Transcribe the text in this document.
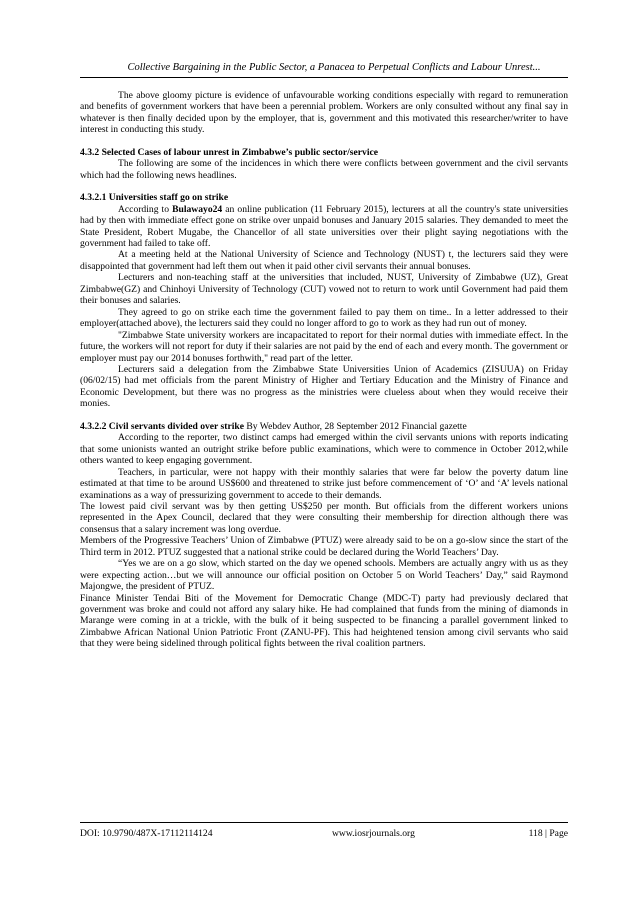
Collective Bargaining in the Public Sector, a Panacea to Perpetual Conflicts and Labour Unrest...

The above gloomy picture is evidence of unfavourable working conditions especially with regard to remuneration and benefits of government workers that have been a perennial problem. Workers are only consulted without any final say in whatever is then finally decided upon by the employer, that is, government and this motivated this researcher/writer to have interest in conducting this study.

4.3.2 Selected Cases of labour unrest in Zimbabwe’s public sector/service

The following are some of the incidences in which there were conflicts between government and the civil servants which had the following news headlines.

4.3.2.1 Universities staff go on strike

According to Bulawayo24 an online publication (11 February 2015), lecturers at all the country's state universities had by then with immediate effect gone on strike over unpaid bonuses and January 2015 salaries. They demanded to meet the State President, Robert Mugabe, the Chancellor of all state universities over their plight saying negotiations with the government had failed to take off.

At a meeting held at the National University of Science and Technology (NUST) t, the lecturers said they were disappointed that government had left them out when it paid other civil servants their annual bonuses.

Lecturers and non-teaching staff at the universities that included, NUST, University of Zimbabwe (UZ), Great Zimbabwe(GZ) and Chinhoyi University of Technology (CUT) vowed not to return to work until Government had paid them their bonuses and salaries.

They agreed to go on strike each time the government failed to pay them on time.. In a letter addressed to their employer(attached above), the lecturers said they could no longer afford to go to work as they had run out of money.

"Zimbabwe State university workers are incapacitated to report for their normal duties with immediate effect. In the future, the workers will not report for duty if their salaries are not paid by the end of each and every month. The government or employer must pay our 2014 bonuses forthwith," read part of the letter.

Lecturers said a delegation from the Zimbabwe State Universities Union of Academics (ZISUUA) on Friday (06/02/15) had met officials from the parent Ministry of Higher and Tertiary Education and the Ministry of Finance and Economic Development, but there was no progress as the ministries were clueless about when they would receive their monies.

4.3.2.2 Civil servants divided over strike By Webdev Author, 28 September 2012 Financial gazette

According to the reporter, two distinct camps had emerged within the civil servants unions with reports indicating that some unionists wanted an outright strike before public examinations, which were to commence in October 2012,while others wanted to keep engaging government.

Teachers, in particular, were not happy with their monthly salaries that were far below the poverty datum line estimated at that time to be around US$600 and threatened to strike just before commencement of ‘O’ and ‘A’ levels national examinations as a way of pressurizing government to accede to their demands.

The lowest paid civil servant was by then getting US$250 per month. But officials from the different workers unions represented in the Apex Council, declared that they were consulting their membership for direction although there was consensus that a salary increment was long overdue.

Members of the Progressive Teachers’ Union of Zimbabwe (PTUZ) were already said to be on a go-slow since the start of the Third term in 2012. PTUZ suggested that a national strike could be declared during the World Teachers’ Day.

“Yes we are on a go slow, which started on the day we opened schools. Members are actually angry with us as they were expecting action…but we will announce our official position on October 5 on World Teachers’ Day,” said Raymond Majongwe, the president of PTUZ.

Finance Minister Tendai Biti of the Movement for Democratic Change (MDC-T) party had previously declared that government was broke and could not afford any salary hike. He had complained that funds from the mining of diamonds in Marange were coming in at a trickle, with the bulk of it being suspected to be financing a parallel government linked to Zimbabwe African National Union Patriotic Front (ZANU-PF). This had heightened tension among civil servants who said that they were being sidelined through political fights between the rival coalition partners.

DOI: 10.9790/487X-17112114124	www.iosrjournals.org	118 | Page
